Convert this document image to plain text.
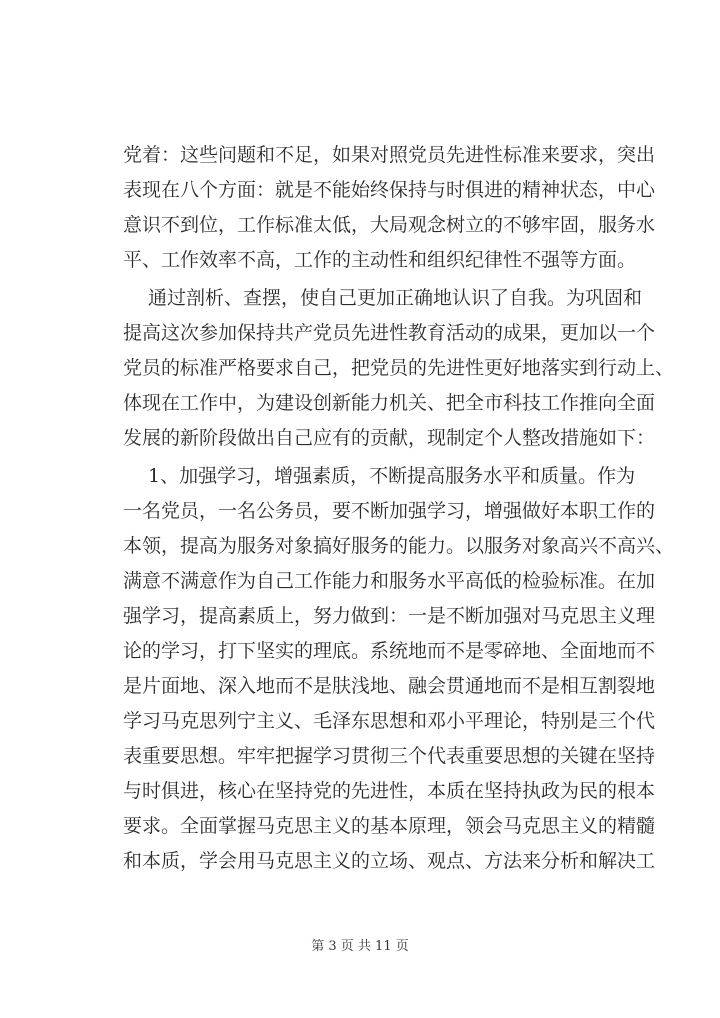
党着：这些问题和不足，如果对照党员先进性标准来要求，突出
表现在八个方面：就是不能始终保持与时俱进的精神状态，中心
意识不到位，工作标准太低，大局观念树立的不够牢固，服务水
平、工作效率不高，工作的主动性和组织纪律性不强等方面。
通过剖析、查摆，使自己更加正确地认识了自我。为巩固和
提高这次参加保持共产党员先进性教育活动的成果，更加以一个
党员的标准严格要求自己，把党员的先进性更好地落实到行动上、
体现在工作中，为建设创新能力机关、把全市科技工作推向全面
发展的新阶段做出自己应有的贡献，现制定个人整改措施如下：
1、加强学习，增强素质，不断提高服务水平和质量。作为
一名党员，一名公务员，要不断加强学习，增强做好本职工作的
本领，提高为服务对象搞好服务的能力。以服务对象高兴不高兴、
满意不满意作为自己工作能力和服务水平高低的检验标准。在加
强学习，提高素质上，努力做到：一是不断加强对马克思主义理
论的学习，打下坚实的理底。系统地而不是零碎地、全面地而不
是片面地、深入地而不是肤浅地、融会贯通地而不是相互割裂地
学习马克思列宁主义、毛泽东思想和邓小平理论，特别是三个代
表重要思想。牢牢把握学习贯彻三个代表重要思想的关键在坚持
与时俱进，核心在坚持党的先进性，本质在坚持执政为民的根本
要求。全面掌握马克思主义的基本原理，领会马克思主义的精髓
和本质，学会用马克思主义的立场、观点、方法来分析和解决工
第 3 页 共 11 页
